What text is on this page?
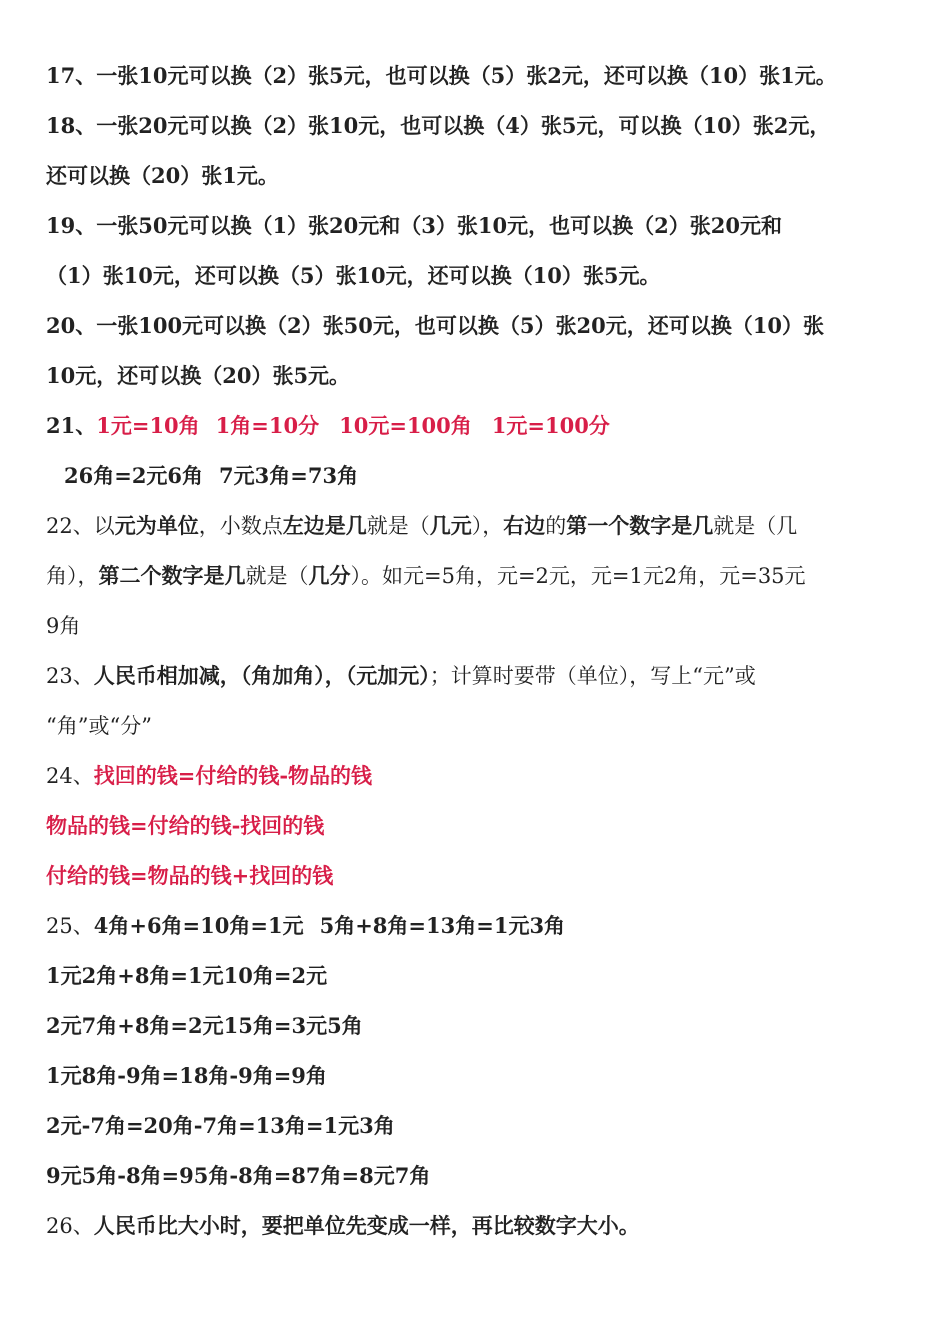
17、一张10元可以换（2）张5元，也可以换（5）张2元，还可以换（10）张1元。
18、一张20元可以换（2）张10元，也可以换（4）张5元，可以换（10）张2元，
还可以换（20）张1元。
19、一张50元可以换（1）张20元和（3）张10元，也可以换（2）张20元和
（1）张10元，还可以换（5）张10元，还可以换（10）张5元。
20、一张100元可以换（2）张50元，也可以换（5）张20元，还可以换（10）张
10元，还可以换（20）张5元。
21、1元=10角 1角=10分 10元=100角 1元=100分
26角=2元6角 7元3角=73角
22、以元为单位，小数点左边是几就是（几元），右边的第一个数字是几就是（几
角），第二个数字是几就是（几分）。如元=5角，元=2元，元=1元2角，元=35元
9角
23、人民币相加减，（角加角），（元加元）；计算时要带（单位），写上“元”或
“角”或“分”
24、找回的钱=付给的钱-物品的钱
物品的钱=付给的钱-找回的钱
付给的钱=物品的钱+找回的钱
25、4角+6角=10角=1元 5角+8角=13角=1元3角
1元2角+8角=1元10角=2元
2元7角+8角=2元15角=3元5角
1元8角-9角=18角-9角=9角
2元-7角=20角-7角=13角=1元3角
9元5角-8角=95角-8角=87角=8元7角
26、人民币比大小时，要把单位先变成一样，再比较数字大小。
